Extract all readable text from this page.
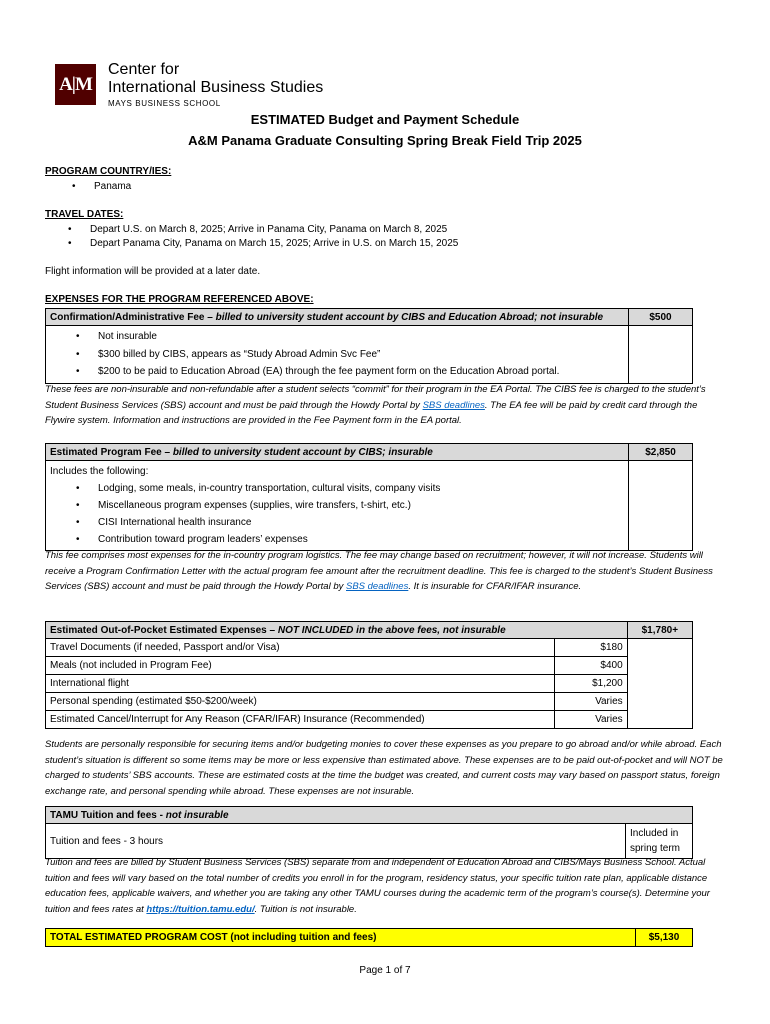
A|M
Center for
International Business Studies
MAYS BUSINESS SCHOOL
ESTIMATED Budget and Payment Schedule
A&M Panama Graduate Consulting Spring Break Field Trip 2025
PROGRAM COUNTRY/IES:
• Panama
TRAVEL DATES:
• Depart U.S. on March 8, 2025; Arrive in Panama City, Panama on March 8, 2025
• Depart Panama City, Panama on March 15, 2025; Arrive in U.S. on March 15, 2025
Flight information will be provided at a later date.
EXPENSES FOR THE PROGRAM REFERENCED ABOVE:
Confirmation/Administrative Fee – billed to university student account by CIBS and Education Abroad; not insurable	$500

• Not insurable
• $300 billed by CIBS, appears as “Study Abroad Admin Svc Fee”
• $200 to be paid to Education Abroad (EA) through the fee payment form on the Education Abroad portal.

These fees are non-insurable and non-refundable after a student selects “commit” for their program in the EA Portal. The CIBS fee is charged to the student’s Student Business Services (SBS) account and must be paid through the Howdy Portal by SBS deadlines. The EA fee will be paid by credit card through the Flywire system. Information and instructions are provided in the Fee Payment form in the EA portal.
Estimated Program Fee – billed to university student account by CIBS; insurable	$2,850

Includes the following:
• Lodging, some meals, in-country transportation, cultural visits, company visits
• Miscellaneous program expenses (supplies, wire transfers, t-shirt, etc.)
• CISI International health insurance
• Contribution toward program leaders’ expenses

This fee comprises most expenses for the in-country program logistics. The fee may change based on recruitment; however, it will not increase. Students will receive a Program Confirmation Letter with the actual program fee amount after the recruitment deadline. This fee is charged to the student’s Student Business Services (SBS) account and must be paid through the Howdy Portal by SBS deadlines. It is insurable for CFAR/IFAR insurance.
Estimated Out-of-Pocket Estimated Expenses – NOT INCLUDED in the above fees, not insurable		$1,780+
Travel Documents (if needed, Passport and/or Visa)	$180	
Meals (not included in Program Fee)	$400	
International flight	$1,200	
Personal spending (estimated $50-$200/week)	Varies	
Estimated Cancel/Interrupt for Any Reason (CFAR/IFAR) Insurance (Recommended)	Varies	
Students are personally responsible for securing items and/or budgeting monies to cover these expenses as you prepare to go abroad and/or while abroad. Each student’s situation is different so some items may be more or less expensive than estimated above. These expenses are to be paid out-of-pocket and will NOT be charged to students’ SBS accounts. These are estimated costs at the time the budget was created, and current costs may vary based on passport status, foreign exchange rate, and personal spending while abroad. These expenses are not insurable.
TAMU Tuition and fees - not insurable
Tuition and fees - 3 hours	Included in spring term
Tuition and fees are billed by Student Business Services (SBS) separate from and independent of Education Abroad and CIBS/Mays Business School. Actual tuition and fees will vary based on the total number of credits you enroll in for the program, residency status, your specific tuition rate plan, applicable distance education fees, applicable waivers, and whether you are taking any other TAMU courses during the academic term of the program’s course(s). Determine your tuition and fees rates at https://tuition.tamu.edu/. Tuition is not insurable.
TOTAL ESTIMATED PROGRAM COST (not including tuition and fees)	$5,130
Page 1 of 7
